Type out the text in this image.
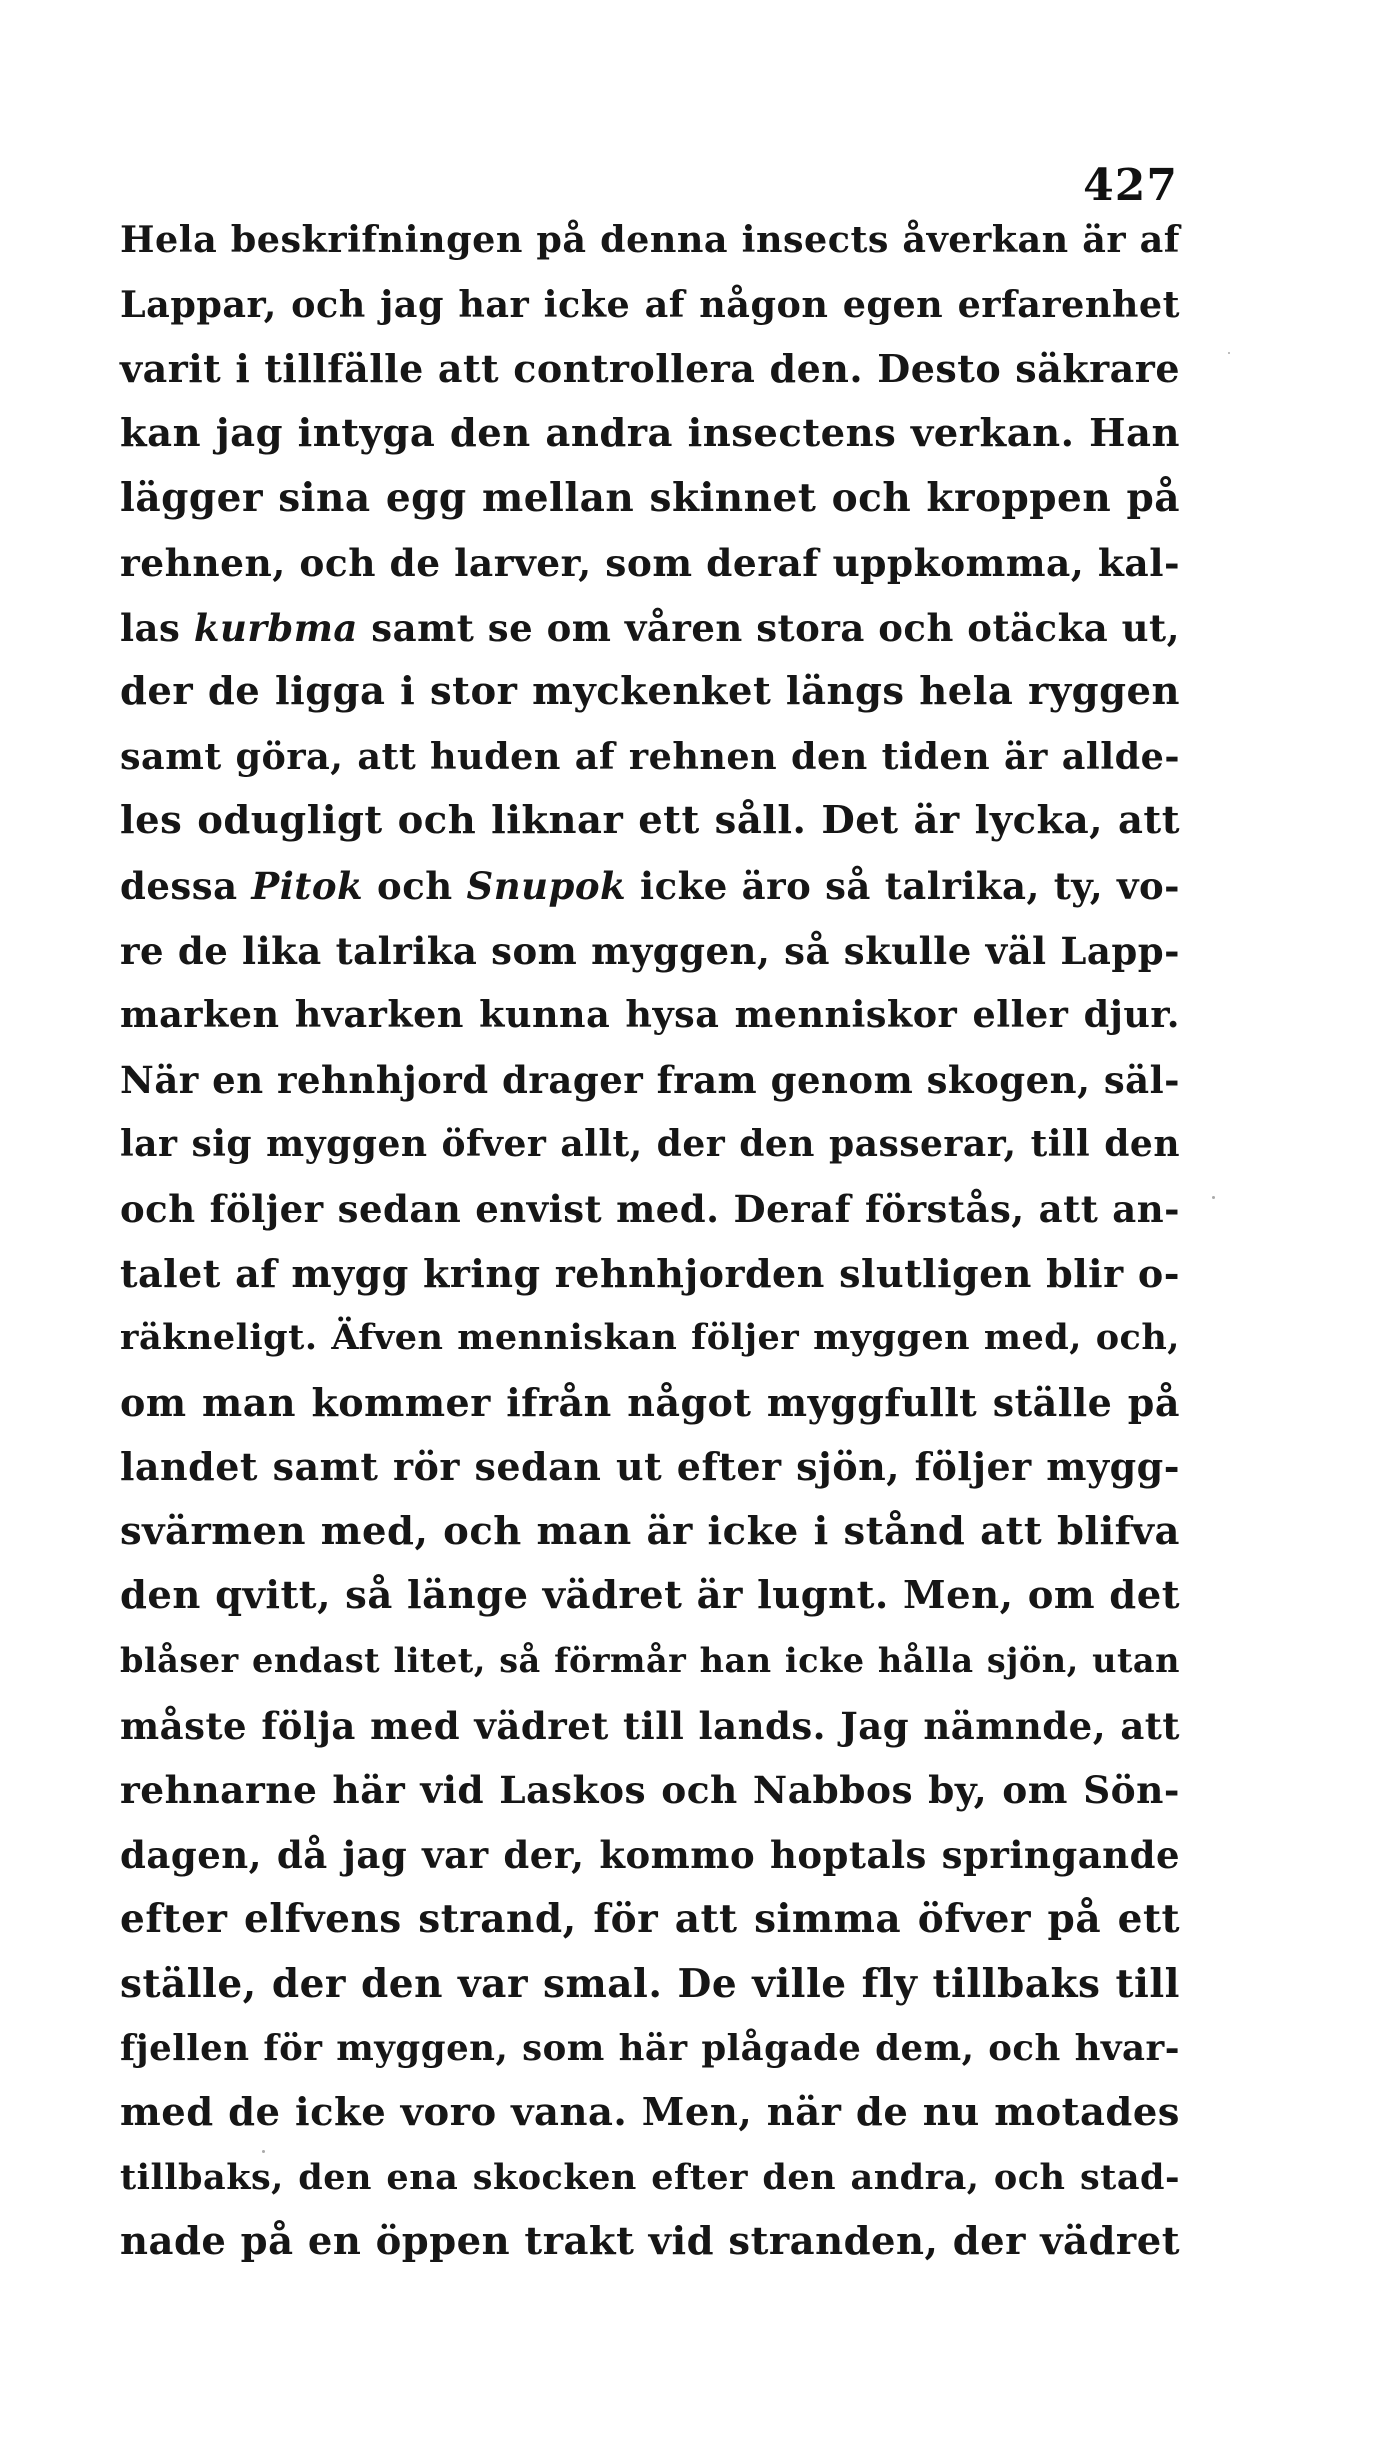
427
Hela beskrifningen på denna insects åverkan är af
Lappar, och jag har icke af någon egen erfarenhet
varit i tillfälle att controllera den. Desto säkrare
kan jag intyga den andra insectens verkan. Han
lägger sina egg mellan skinnet och kroppen på
rehnen, och de larver, som deraf uppkomma, kal-
las kurbma samt se om våren stora och otäcka ut,
der de ligga i stor myckenket längs hela ryggen
samt göra, att huden af rehnen den tiden är allde-
les odugligt och liknar ett såll. Det är lycka, att
dessa Pitok och Snupok icke äro så talrika, ty, vo-
re de lika talrika som myggen, så skulle väl Lapp-
marken hvarken kunna hysa menniskor eller djur.
När en rehnhjord drager fram genom skogen, säl-
lar sig myggen öfver allt, der den passerar, till den
och följer sedan envist med. Deraf förstås, att an-
talet af mygg kring rehnhjorden slutligen blir o-
räkneligt. Äfven menniskan följer myggen med, och,
om man kommer ifrån något myggfullt ställe på
landet samt rör sedan ut efter sjön, följer mygg-
svärmen med, och man är icke i stånd att blifva
den qvitt, så länge vädret är lugnt. Men, om det
blåser endast litet, så förmår han icke hålla sjön, utan
måste följa med vädret till lands. Jag nämnde, att
rehnarne här vid Laskos och Nabbos by, om Sön-
dagen, då jag var der, kommo hoptals springande
efter elfvens strand, för att simma öfver på ett
ställe, der den var smal. De ville fly tillbaks till
fjellen för myggen, som här plågade dem, och hvar-
med de icke voro vana. Men, när de nu motades
tillbaks, den ena skocken efter den andra, och stad-
nade på en öppen trakt vid stranden, der vädret
